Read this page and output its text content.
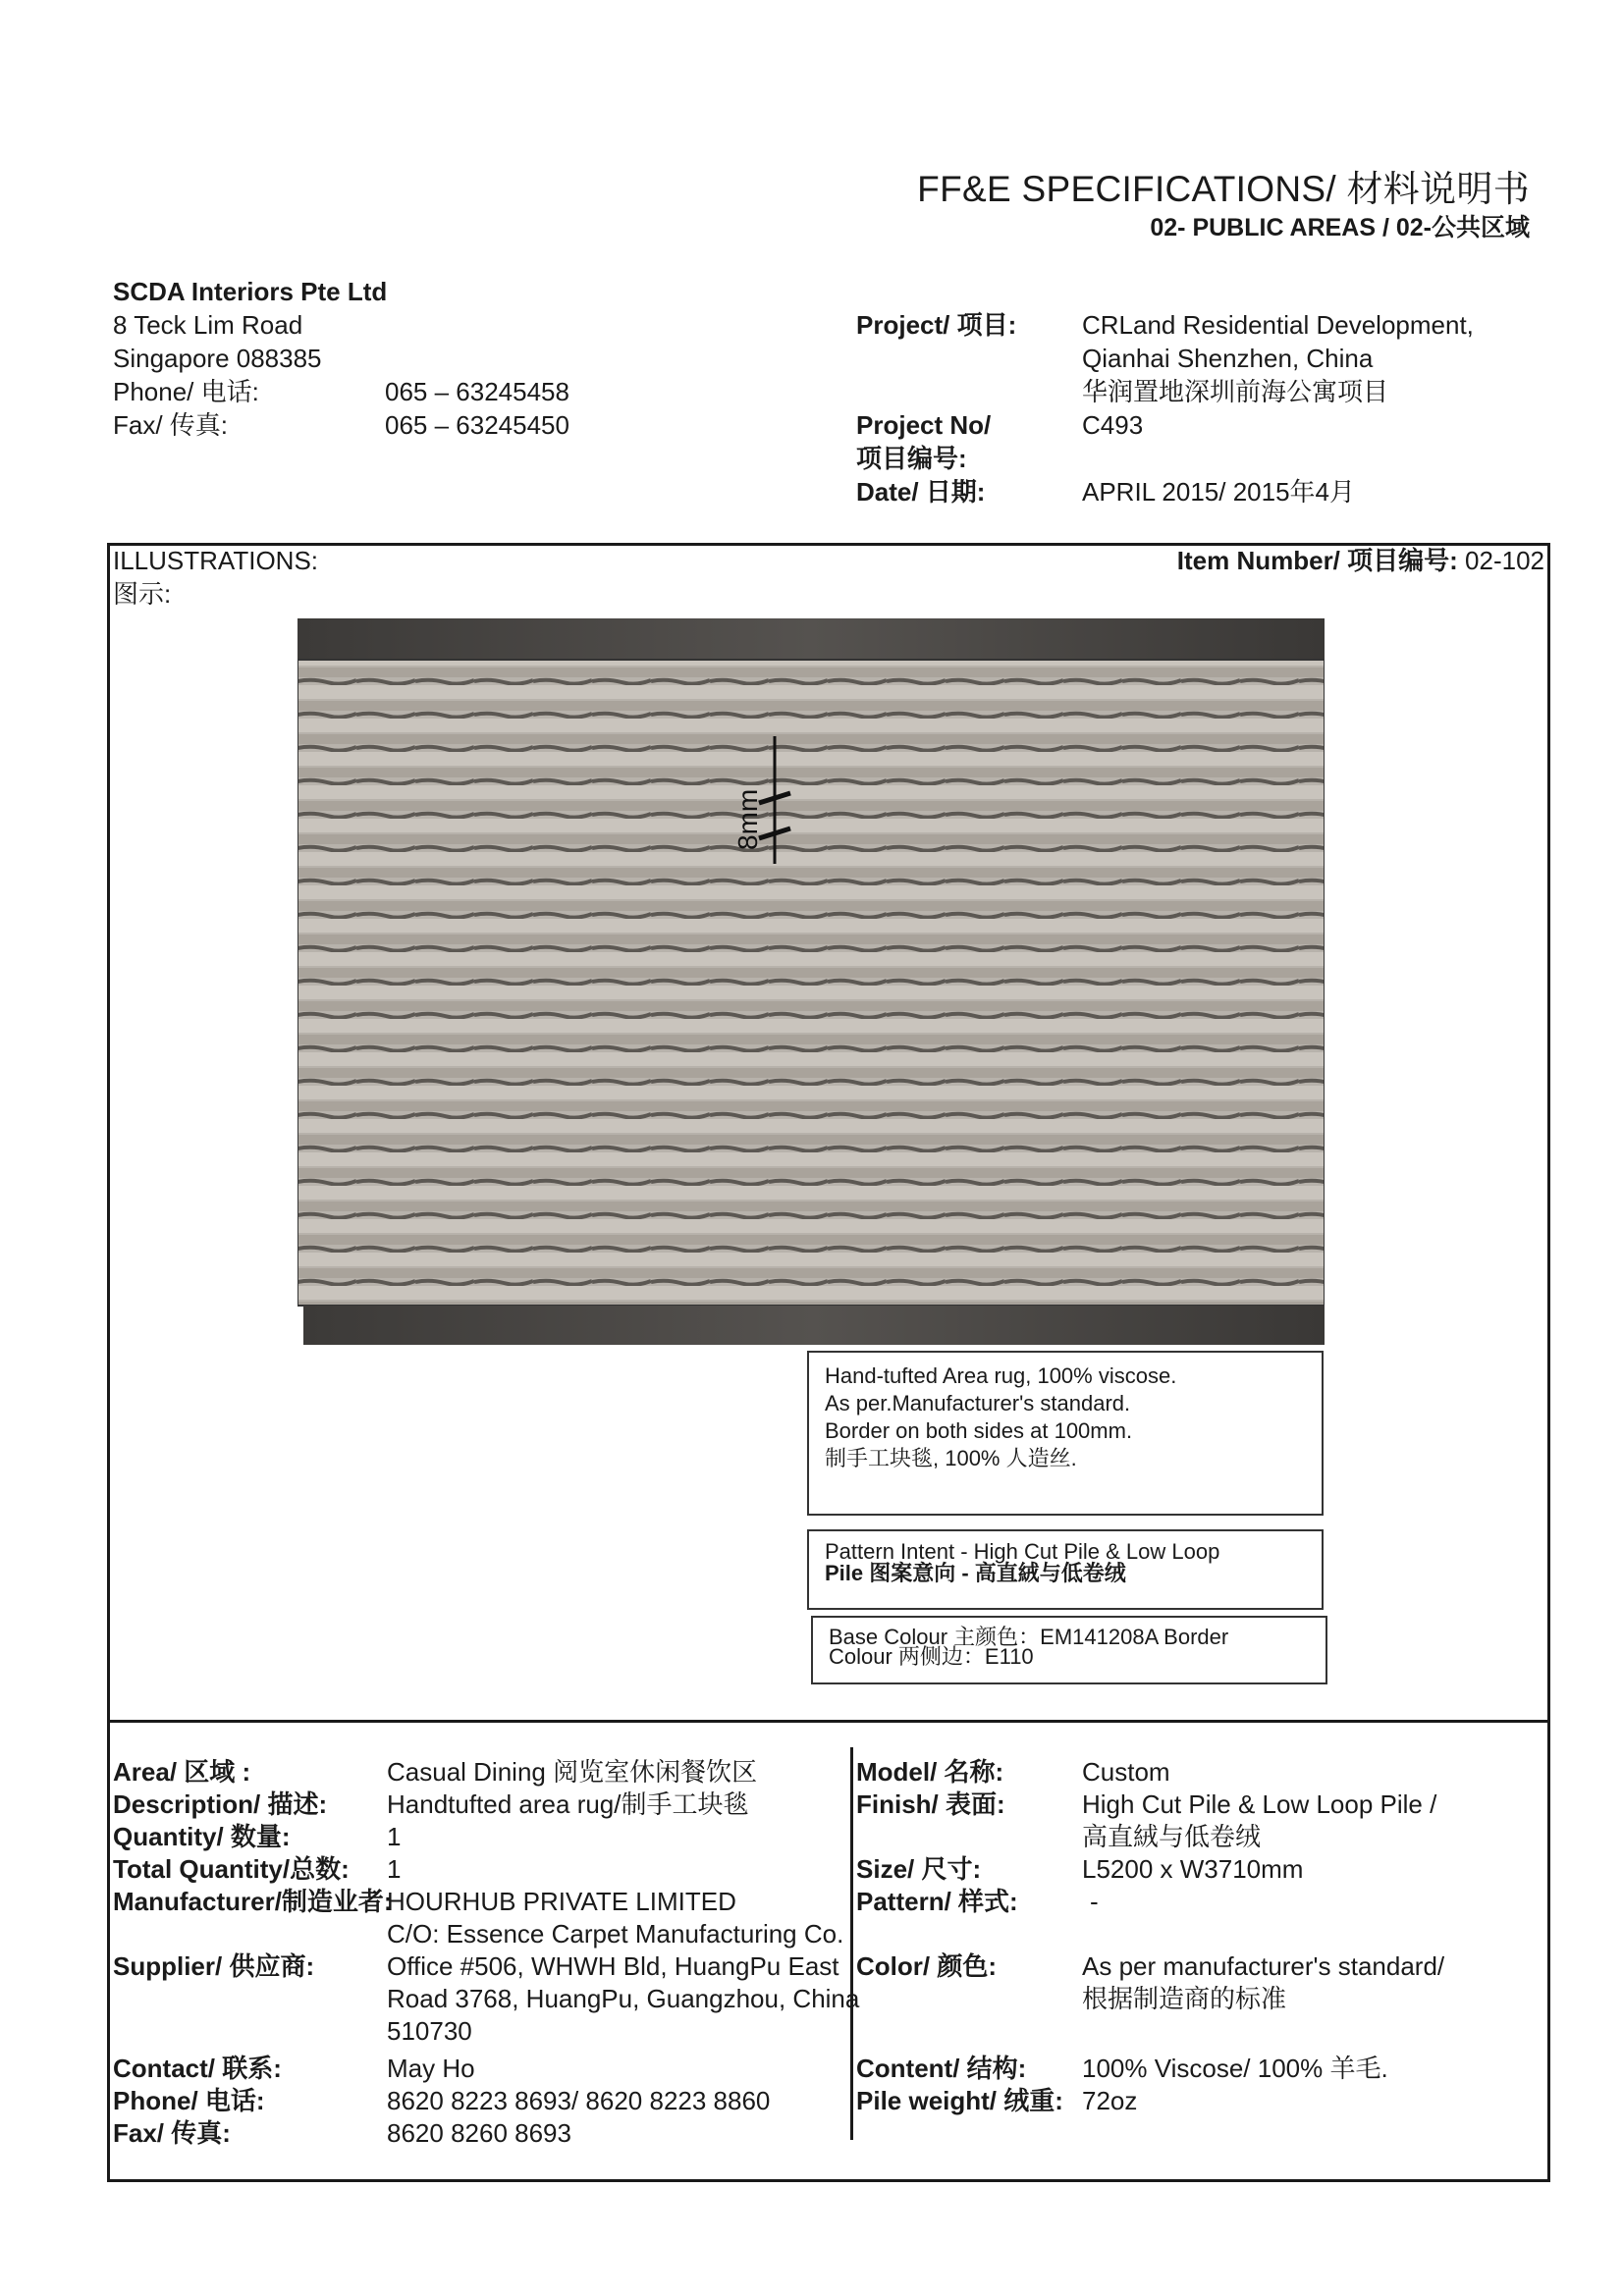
FF&E SPECIFICATIONS/ 材料说明书
02- PUBLIC AREAS / 02-公共区域
SCDA Interiors Pte Ltd
8 Teck Lim Road
Singapore 088385
Phone/ 电话:	065 – 63245458
Fax/ 传真:	065 – 63245450
Project/ 项目:	CRLand Residential Development,
Qianhai Shenzhen, China
华润置地深圳前海公寓项目
Project No/	C493
项目编号:
Date/ 日期:	APRIL 2015/ 2015年4月
ILLUSTRATIONS:
图示:
Item Number/ 项目编号: 02-102
8mm
Hand-tufted Area rug, 100% viscose.
As per.Manufacturer's standard.
Border on both sides at 100mm.
制手工块毯, 100% 人造丝.
Pattern Intent - High Cut Pile & Low Loop
Pile 图案意向 - 高直絨与低卷绒
Base Colour 主颜色：EM141208A Border
Colour 两侧边：E110
Area/ 区域 :	Casual Dining 阅览室休闲餐饮区
Description/ 描述: Handtufted area rug/制手工块毯
Quantity/ 数量:	1
Total Quantity/总数: 1
Manufacturer/制造业者:
HOURHUB PRIVATE LIMITED
C/O: Essence Carpet Manufacturing Co.
Supplier/ 供应商:	Office #506, WHWH Bld, HuangPu East
Road 3768, HuangPu, Guangzhou, China
510730
Contact/ 联系:	May Ho
Phone/ 电话:	8620 8223 8693/ 8620 8223 8860
Fax/ 传真:	8620 8260 8693
Model/ 名称:	Custom
Finish/ 表面:	High Cut Pile & Low Loop Pile /
高直絨与低卷绒
Size/ 尺寸:	L5200 x W3710mm
Pattern/ 样式:	-
Color/ 颜色:	As per manufacturer's standard/
根据制造商的标准
Content/ 结构: 100% Viscose/ 100% 羊毛.
Pile weight/ 绒重: 72oz
